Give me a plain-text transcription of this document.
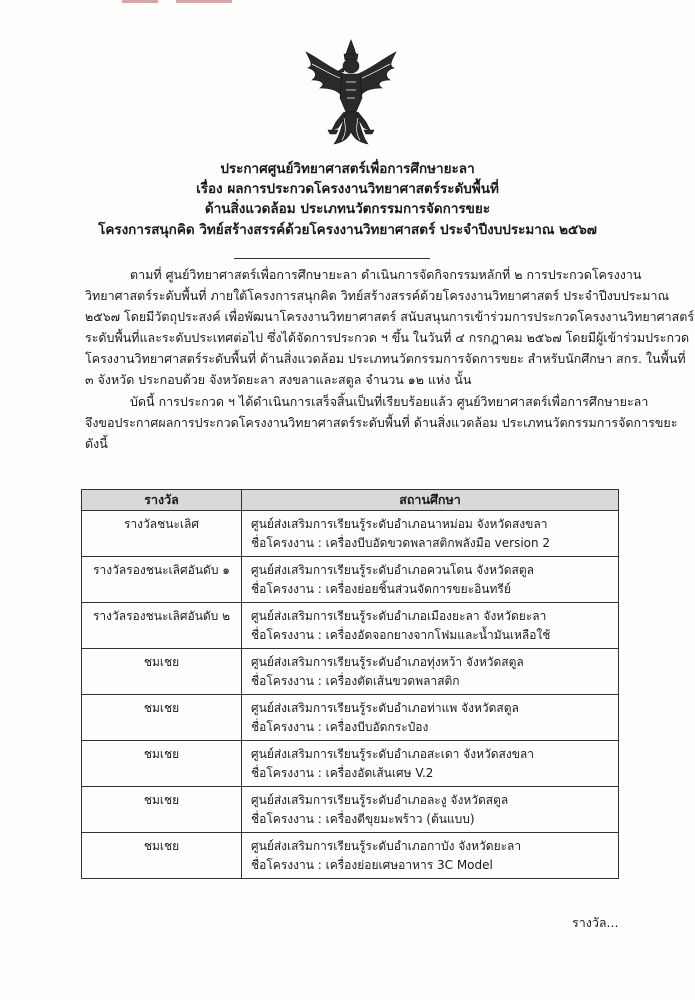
ประกาศศูนย์วิทยาศาสตร์เพื่อการศึกษายะลา
เรื่อง ผลการประกวดโครงงานวิทยาศาสตร์ระดับพื้นที่
ด้านสิ่งแวดล้อม ประเภทนวัตกรรมการจัดการขยะ
โครงการสนุกคิด วิทย์สร้างสรรค์ด้วยโครงงานวิทยาศาสตร์ ประจำปีงบประมาณ ๒๕๖๗
ตามที่ ศูนย์วิทยาศาสตร์เพื่อการศึกษายะลา ดำเนินการจัดกิจกรรมหลักที่ ๒ การประกวดโครงงาน
วิทยาศาสตร์ระดับพื้นที่ ภายใต้โครงการสนุกคิด วิทย์สร้างสรรค์ด้วยโครงงานวิทยาศาสตร์ ประจำปีงบประมาณ
๒๕๖๗ โดยมีวัตถุประสงค์ เพื่อพัฒนาโครงงานวิทยาศาสตร์ สนับสนุนการเข้าร่วมการประกวดโครงงานวิทยาศาสตร์
ระดับพื้นที่และระดับประเทศต่อไป ซึ่งได้จัดการประกวด ฯ ขึ้น ในวันที่ ๔ กรกฎาคม ๒๕๖๗ โดยมีผู้เข้าร่วมประกวด
โครงงานวิทยาศาสตร์ระดับพื้นที่ ด้านสิ่งแวดล้อม ประเภทนวัตกรรมการจัดการขยะ สำหรับนักศึกษา สกร. ในพื้นที่
๓ จังหวัด ประกอบด้วย จังหวัดยะลา สงขลาและสตูล จำนวน ๑๒ แห่ง นั้น
บัดนี้ การประกวด ฯ ได้ดำเนินการเสร็จสิ้นเป็นที่เรียบร้อยแล้ว ศูนย์วิทยาศาสตร์เพื่อการศึกษายะลา
จึงขอประกาศผลการประกวดโครงงานวิทยาศาสตร์ระดับพื้นที่ ด้านสิ่งแวดล้อม ประเภทนวัตกรรมการจัดการขยะ
ดังนี้
รางวัล	สถานศึกษา
รางวัลชนะเลิศ	ศูนย์ส่งเสริมการเรียนรู้ระดับอำเภอนาหม่อม จังหวัดสงขลา
ชื่อโครงงาน : เครื่องบีบอัดขวดพลาสติกพลังมือ version 2

รางวัลรองชนะเลิศอันดับ ๑	ศูนย์ส่งเสริมการเรียนรู้ระดับอำเภอควนโดน จังหวัดสตูล
ชื่อโครงงาน : เครื่องย่อยชิ้นส่วนจัดการขยะอินทรีย์

รางวัลรองชนะเลิศอันดับ ๒	ศูนย์ส่งเสริมการเรียนรู้ระดับอำเภอเมืองยะลา จังหวัดยะลา
ชื่อโครงงาน : เครื่องอัดจอกยางจากโฟมและน้ำมันเหลือใช้

ชมเชย	ศูนย์ส่งเสริมการเรียนรู้ระดับอำเภอทุ่งหว้า จังหวัดสตูล
ชื่อโครงงาน : เครื่องตัดเส้นขวดพลาสติก

ชมเชย	ศูนย์ส่งเสริมการเรียนรู้ระดับอำเภอท่าแพ จังหวัดสตูล
ชื่อโครงงาน : เครื่องบีบอัดกระป๋อง

ชมเชย	ศูนย์ส่งเสริมการเรียนรู้ระดับอำเภอสะเดา จังหวัดสงขลา
ชื่อโครงงาน : เครื่องอัดเส้นเศษ V.2

ชมเชย	ศูนย์ส่งเสริมการเรียนรู้ระดับอำเภอละงู จังหวัดสตูล
ชื่อโครงงาน : เครื่องตีขุยมะพร้าว (ต้นแบบ)

ชมเชย	ศูนย์ส่งเสริมการเรียนรู้ระดับอำเภอกาบัง จังหวัดยะลา
ชื่อโครงงาน : เครื่องย่อยเศษอาหาร 3C Model
รางวัล...
